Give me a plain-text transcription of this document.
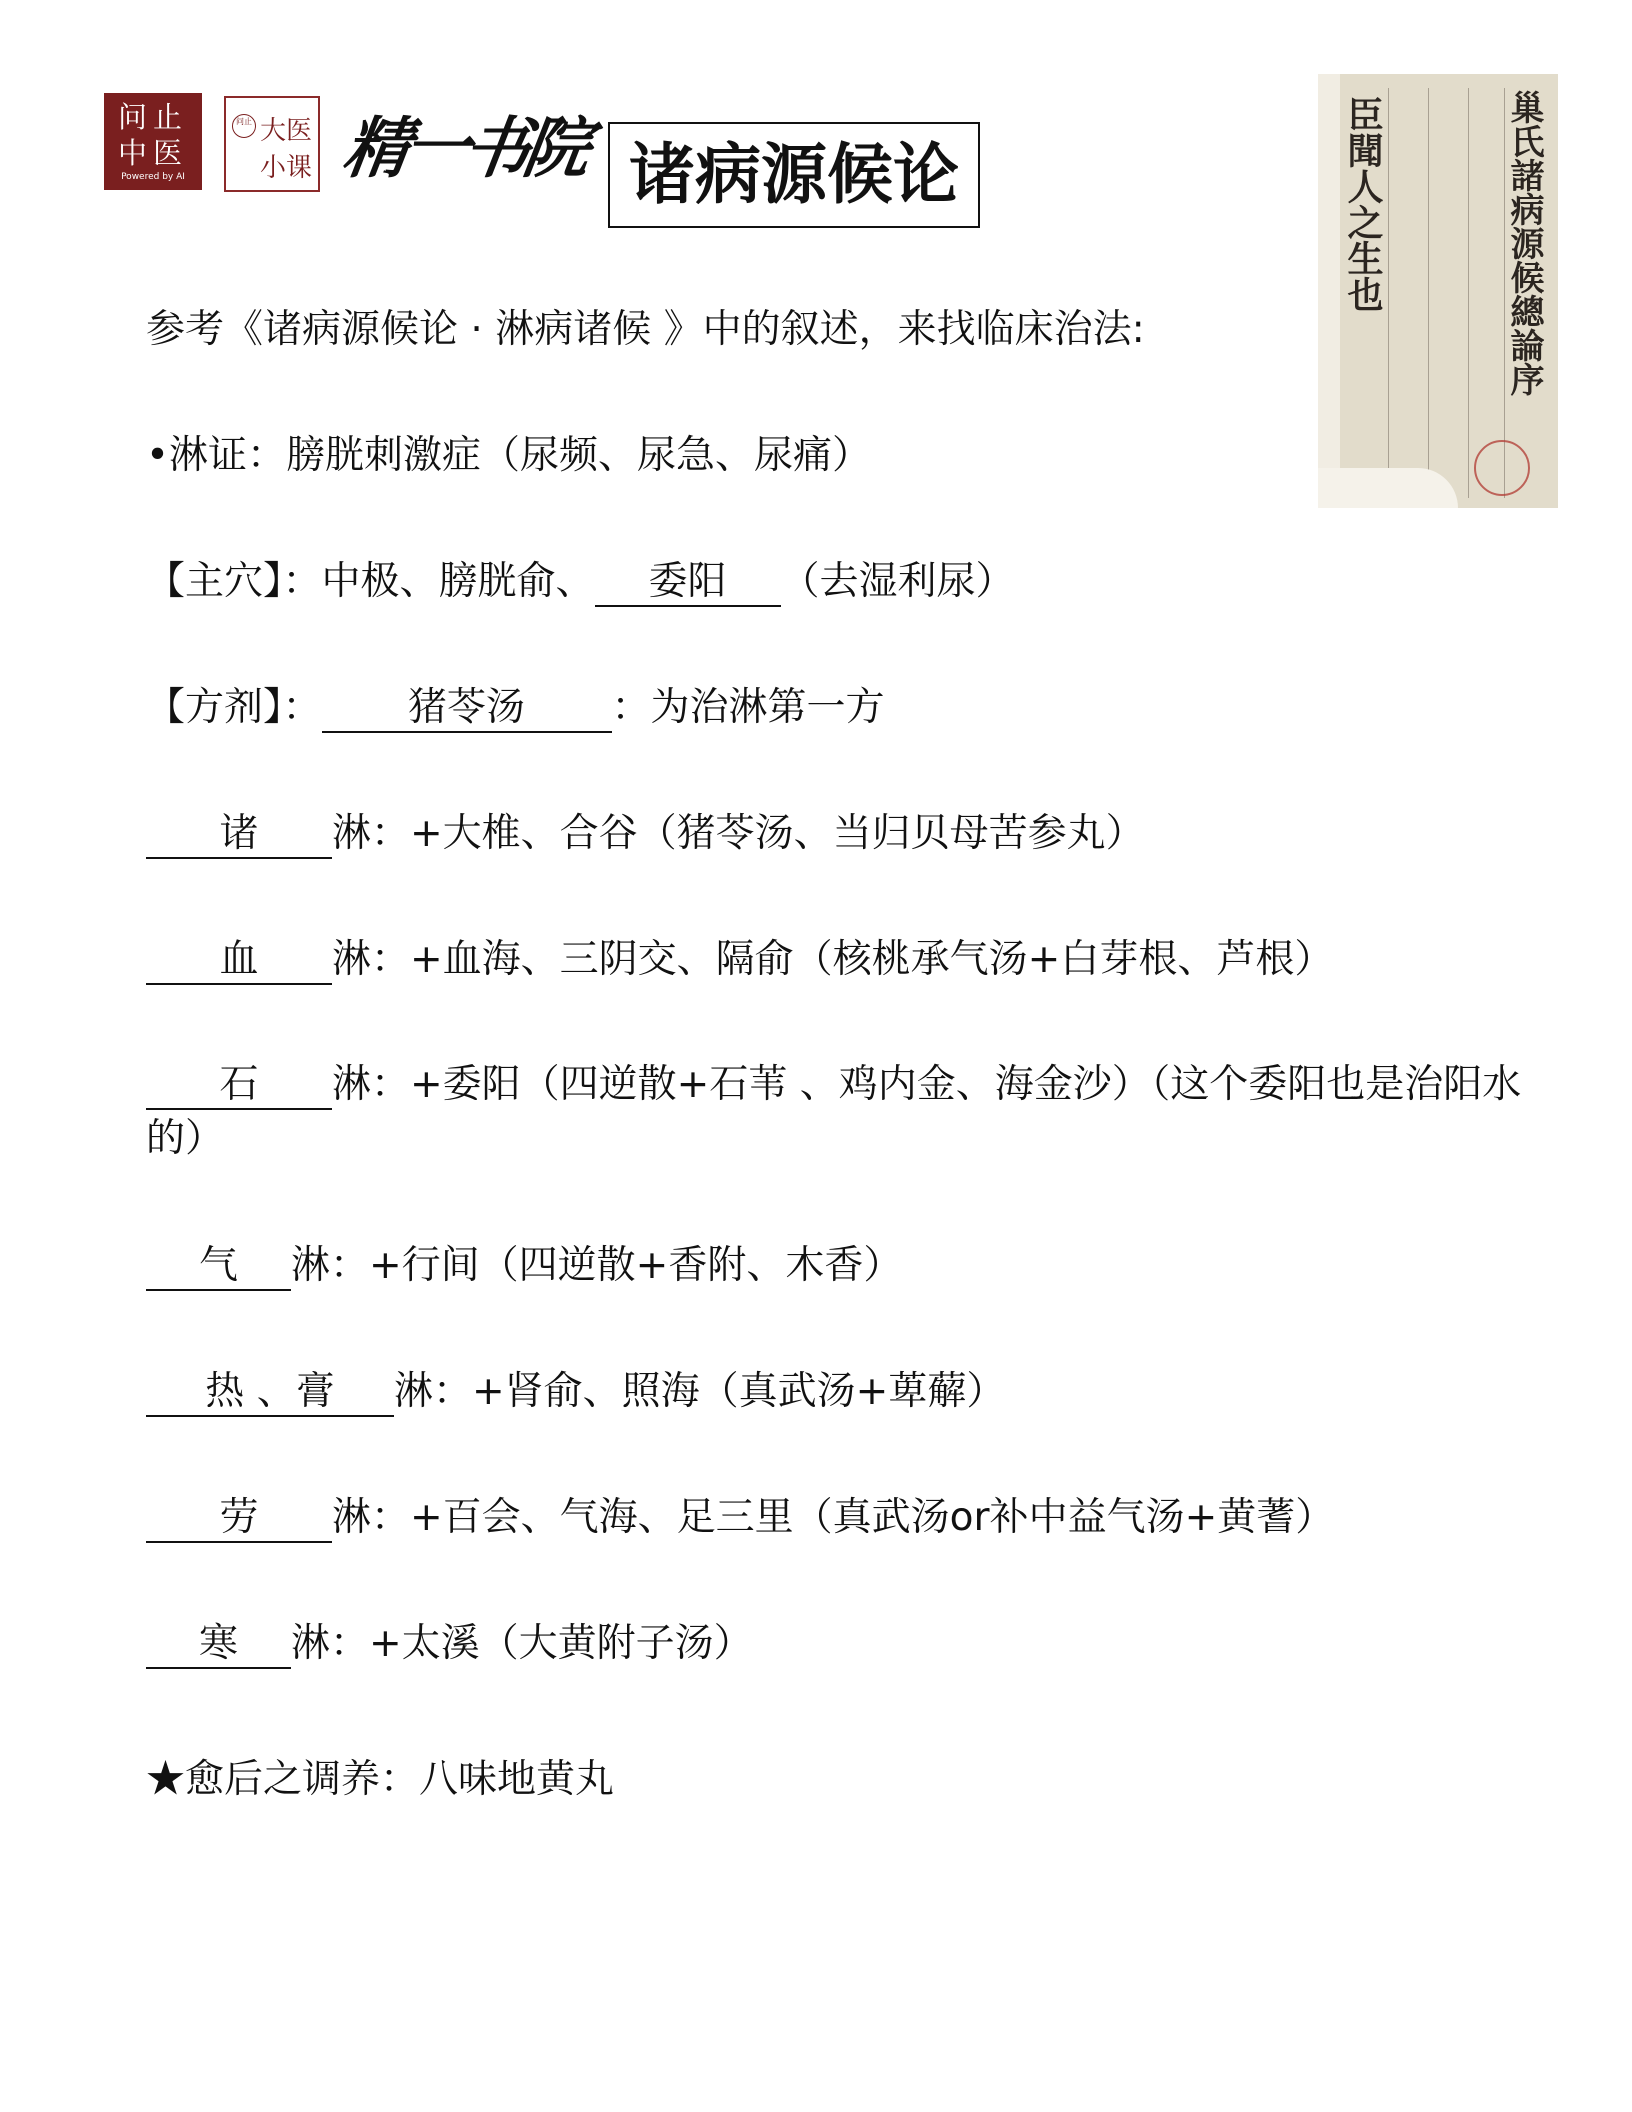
问止
中医
Powered by AI
问止 大医
小课 精一书院 诸病源候论	巢氏諸病源候總論序
臣聞人之生也
参考《诸病源候论 · 淋病诸候 》中的叙述，来找临床治法:
•淋证：膀胱刺激症（尿频、尿急、尿痛）
【主穴】：中极、膀胱俞、 委阳 （去湿利尿）
【方剂】： 猪苓汤 ：为治淋第一方
诸 淋：+大椎、合谷（猪苓汤、当归贝母苦参丸）
血 淋：+血海、三阴交、隔俞（核桃承气汤+白芽根、芦根）
石 淋：+委阳（四逆散+石苇 、鸡内金、海金沙）（这个委阳也是治阳水的）
气 淋：+行间（四逆散+香附、木香）
热 、膏 淋：+肾俞、照海（真武汤+萆薢）
劳 淋：+百会、气海、足三里（真武汤or补中益气汤+黄蓍）
寒 淋：+太溪（大黄附子汤）
★愈后之调养：八味地黄丸
